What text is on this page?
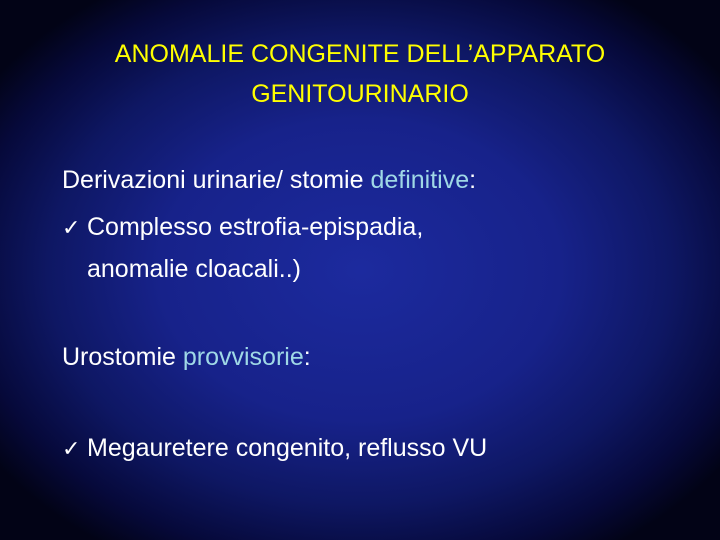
ANOMALIE CONGENITE DELL’APPARATO
GENITOURINARIO
Derivazioni urinarie/ stomie definitive:
✓ Complesso estrofia-epispadia,
anomalie cloacali..)
Urostomie provvisorie:
✓ Megauretere congenito, reflusso VU
